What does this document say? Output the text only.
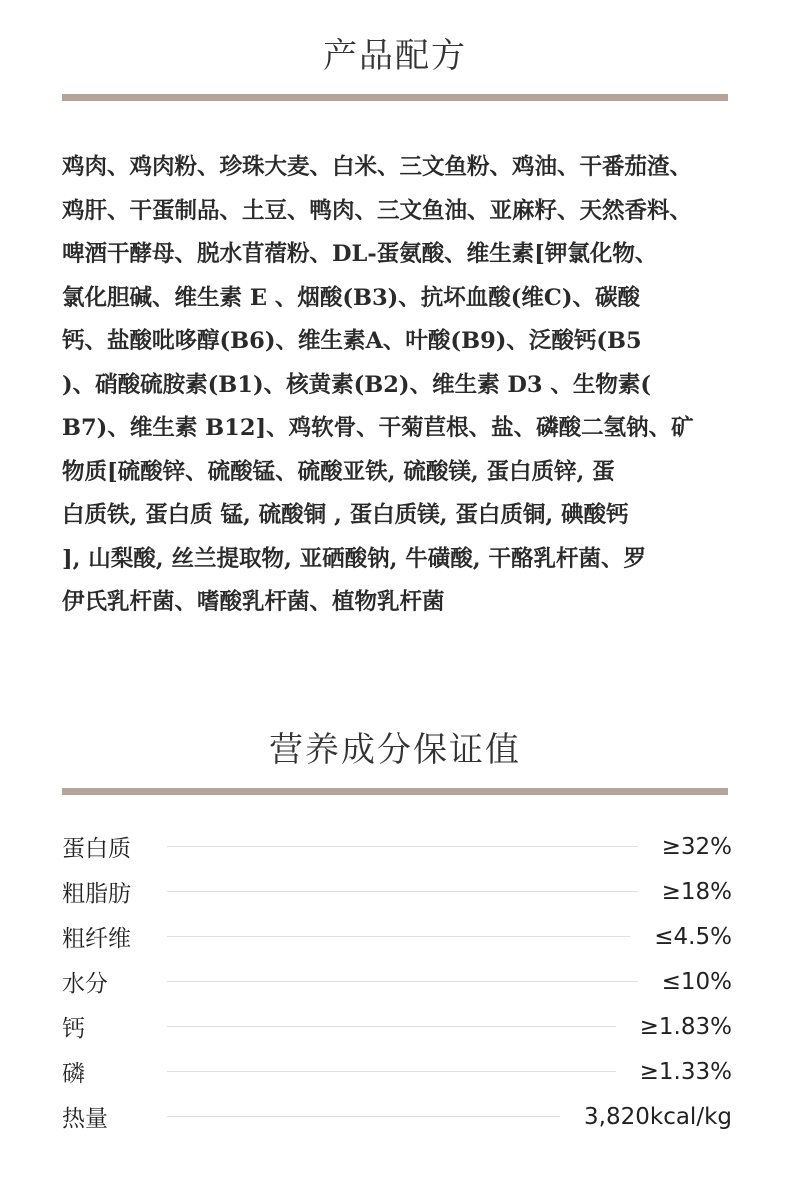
产品配方
鸡肉、鸡肉粉、珍珠大麦、白米、三文鱼粉、鸡油、干番茄渣、
鸡肝、干蛋制品、土豆、鸭肉、三文鱼油、亚麻籽、天然香料、
啤酒干酵母、脱水苜蓿粉、DL-蛋氨酸、维生素[钾氯化物、
氯化胆碱、维生素 E 、烟酸(B3)、抗坏血酸(维C)、碳酸
钙、盐酸吡哆醇(B6)、维生素A、叶酸(B9)、泛酸钙(B5
)、硝酸硫胺素(B1)、核黄素(B2)、维生素 D3 、生物素(
B7)、维生素 B12]、鸡软骨、干菊苣根、盐、磷酸二氢钠、矿
物质[硫酸锌、硫酸锰、硫酸亚铁, 硫酸镁, 蛋白质锌, 蛋
白质铁, 蛋白质 锰, 硫酸铜 , 蛋白质镁, 蛋白质铜, 碘酸钙
], 山梨酸, 丝兰提取物, 亚硒酸钠, 牛磺酸, 干酪乳杆菌、罗
伊氏乳杆菌、嗜酸乳杆菌、植物乳杆菌
营养成分保证值
蛋白质	≥32%
粗脂肪	≥18%
粗纤维	≤4.5%
水分	≤10%
钙	≥1.83%
磷	≥1.33%
热量	3,820kcal/kg
